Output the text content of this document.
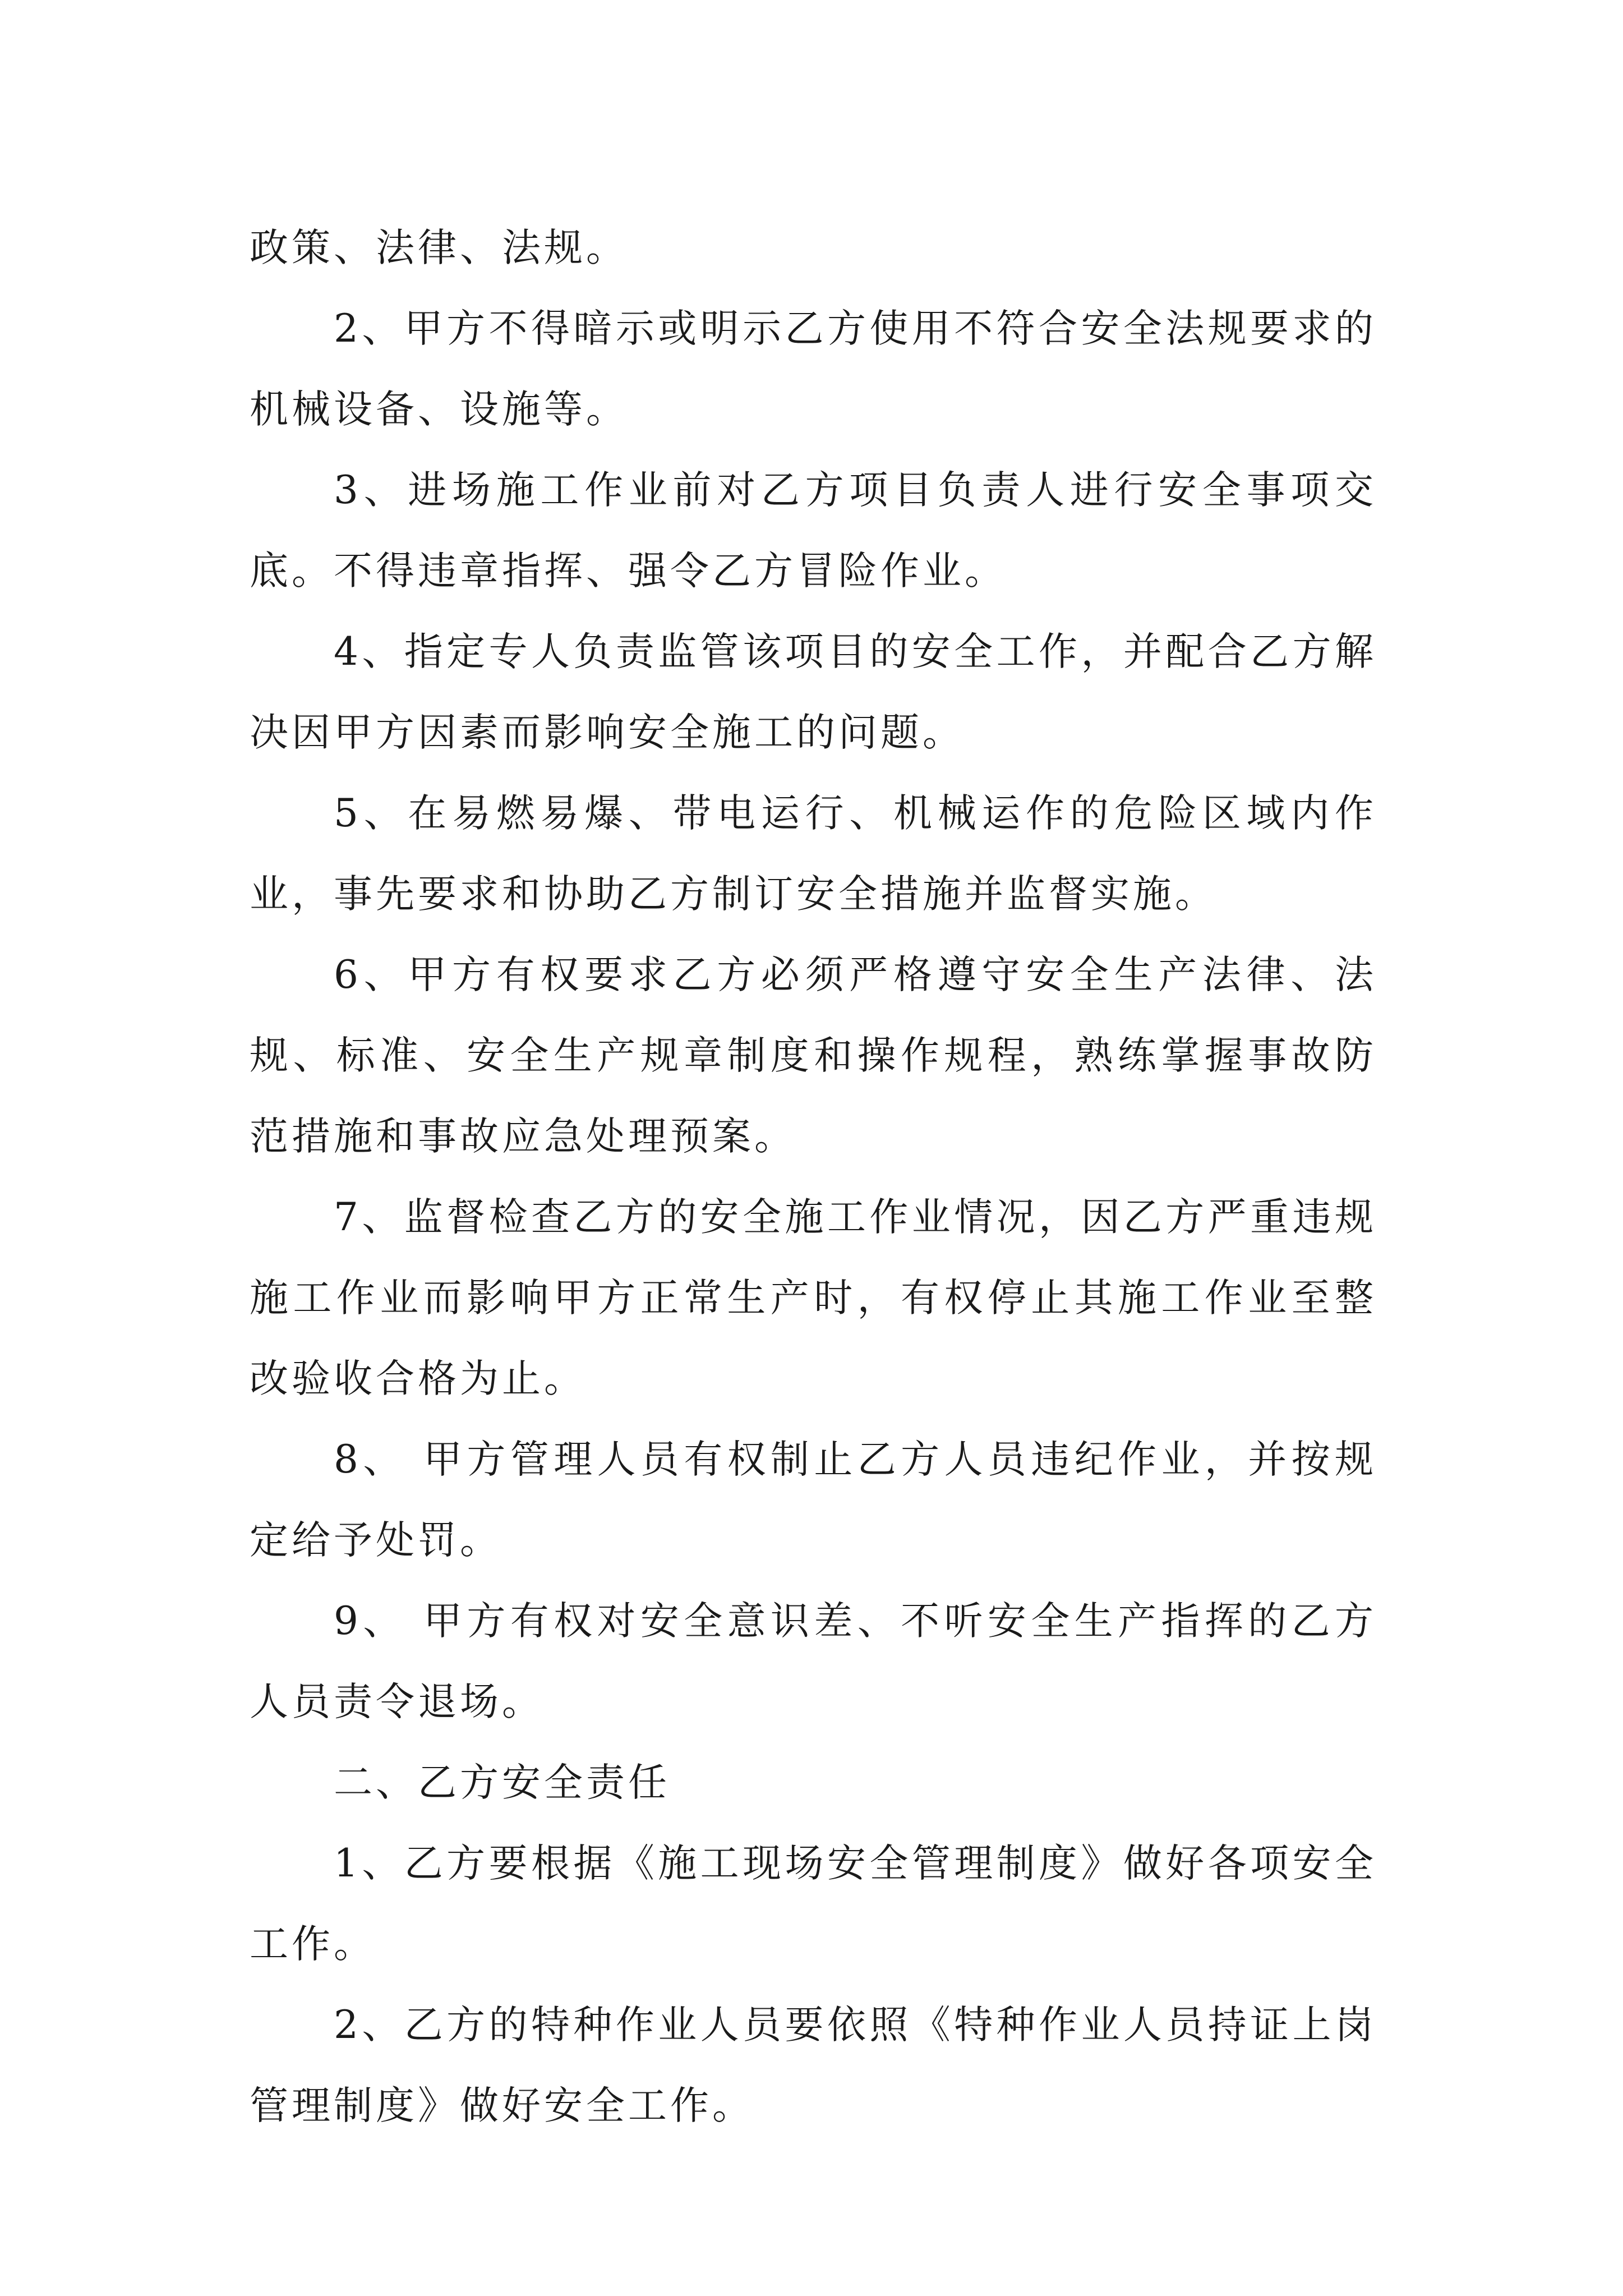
政策、法律、法规。

2、甲方不得暗示或明示乙方使用不符合安全法规要求的机械设备、设施等。

3、进场施工作业前对乙方项目负责人进行安全事项交底。不得违章指挥、强令乙方冒险作业。

4、指定专人负责监管该项目的安全工作，并配合乙方解决因甲方因素而影响安全施工的问题。

5、在易燃易爆、带电运行、机械运作的危险区域内作业，事先要求和协助乙方制订安全措施并监督实施。

6、甲方有权要求乙方必须严格遵守安全生产法律、法规、标准、安全生产规章制度和操作规程，熟练掌握事故防范措施和事故应急处理预案。

7、监督检查乙方的安全施工作业情况，因乙方严重违规施工作业而影响甲方正常生产时，有权停止其施工作业至整改验收合格为止。

8、 甲方管理人员有权制止乙方人员违纪作业，并按规定给予处罚。

9、 甲方有权对安全意识差、不听安全生产指挥的乙方人员责令退场。

二、乙方安全责任

1、乙方要根据《施工现场安全管理制度》做好各项安全工作。

2、乙方的特种作业人员要依照《特种作业人员持证上岗管理制度》做好安全工作。
